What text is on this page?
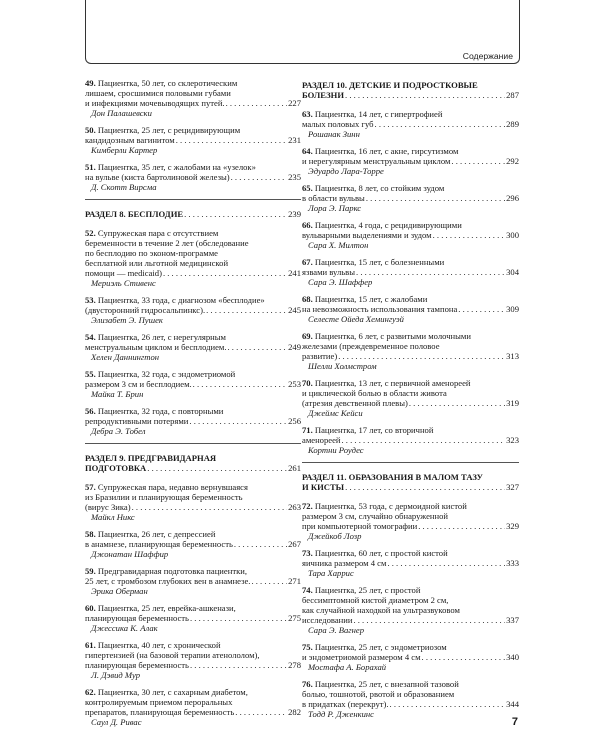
Содержание
49. Пациентка, 50 лет, со склеротическим
лишаем, сросшимися половыми губами
и инфекциями мочевыводящих путей. . . .	227
Дон Палашевски
50. Пациентка, 25 лет, с рецидивирующим
кандидозным вагинитом . . .	231
Кимберли Картер
51. Пациентка, 35 лет, с жалобами на «узелок»
на вульве (киста бартолиновой железы) . . .	235
Д. Скотт Вирсма
РАЗДЕЛ 8. БЕСПЛОДИЕ . . .	239
52. Супружеская пара с отсутствием
беременности в течение 2 лет (обследование
по бесплодию по эконом-программе
бесплатной или льготной медицинской
помощи — medicaid) . . .	241
Мериэль Стивенс
53. Пациентка, 33 года, с диагнозом «бесплодие»
(двусторонний гидросальпинкс). . . .	245
Элизабет Э. Пушек
54. Пациентка, 26 лет, с нерегулярным
менструальным циклом и бесплодием. . . .	249
Хелен Даннингтон
55. Пациентка, 32 года, с эндометриомой
размером 3 см и бесплодием. . . .	253
Майка Т. Брин
56. Пациентка, 32 года, с повторными
репродуктивными потерями . . .	256
Дебра Э. Тобел
РАЗДЕЛ 9. ПРЕДГРАВИДАРНАЯ
ПОДГОТОВКА . . .	261
57. Супружеская пара, недавно вернувшаяся
из Бразилии и планирующая беременность
(вирус Зика) . . .	263
Майкл Никс
58. Пациентка, 26 лет, с депрессией
в анамнезе, планирующая беременность . . .	267
Джонатан Шаффир
59. Предгравидарная подготовка пациентки,
25 лет, с тромбозом глубоких вен в анамнезе. . . .	271
Эрика Оберман
60. Пациентка, 25 лет, еврейка-ашкенази,
планирующая беременность . . .	275
Джессика К. Алак
61. Пациентка, 40 лет, с хронической
гипертензией (на базовой терапии атенололом),
планирующая беременность . . .	278
Л. Дэвид Мур
62. Пациентка, 30 лет, с сахарным диабетом,
контролируемым приемом пероральных
препаратов, планирующая беременность . . .	282
Саул Д. Ривас
РАЗДЕЛ 10. ДЕТСКИЕ И ПОДРОСТКОВЫЕ
БОЛЕЗНИ . . .	287
63. Пациентка, 14 лет, с гипертрофией
малых половых губ . . .	289
Рошанак Зинн
64. Пациентка, 16 лет, с акне, гирсутизмом
и нерегулярным менструальным циклом . . .	292
Эдуардо Лара-Торре
65. Пациентка, 8 лет, со стойким зудом
в области вульвы . . .	296
Лора Э. Паркс
66. Пациентка, 4 года, с рецидивирующими
вульварными выделениями и зудом . . .	300
Сара Х. Милтон
67. Пациентка, 15 лет, с болезненными
язвами вульвы . . .	304
Сара Э. Шаффер
68. Пациентка, 15 лет, с жалобами
на невозможность использования тампона . . .	309
Селесте Ойеда Хемингуэй
69. Пациентка, 6 лет, с развитыми молочными
железами (преждевременное половое
развитие) . . .	313
Шелли Холмстром
70. Пациентка, 13 лет, с первичной аменореей
и циклической болью в области живота
(атрезия девственной плевы) . . .	319
Джеймс Кейси
71. Пациентка, 17 лет, со вторичной
аменореей . . .	323
Кортни Роудес
РАЗДЕЛ 11. ОБРАЗОВАНИЯ В МАЛОМ ТАЗУ
И КИСТЫ . . .	327
72. Пациентка, 53 года, с дермоидной кистой
размером 3 см, случайно обнаруженной
при компьютерной томографии . . .	329
Джейкоб Лозр
73. Пациентка, 60 лет, с простой кистой
яичника размером 4 см . . .	333
Тара Харрис
74. Пациентка, 25 лет, с простой
бессимптомной кистой диаметром 2 см,
как случайной находкой на ультразвуковом
исследовании . . .	337
Сара Э. Вагнер
75. Пациентка, 25 лет, с эндометриозом
и эндометриомой размером 4 см . . .	340
Мостафа А. Борахай
76. Пациентка, 25 лет, с внезапной тазовой
болью, тошнотой, рвотой и образованием
в придатках (перекрут). . . .	344
Тодд Р. Дженкинс
7
